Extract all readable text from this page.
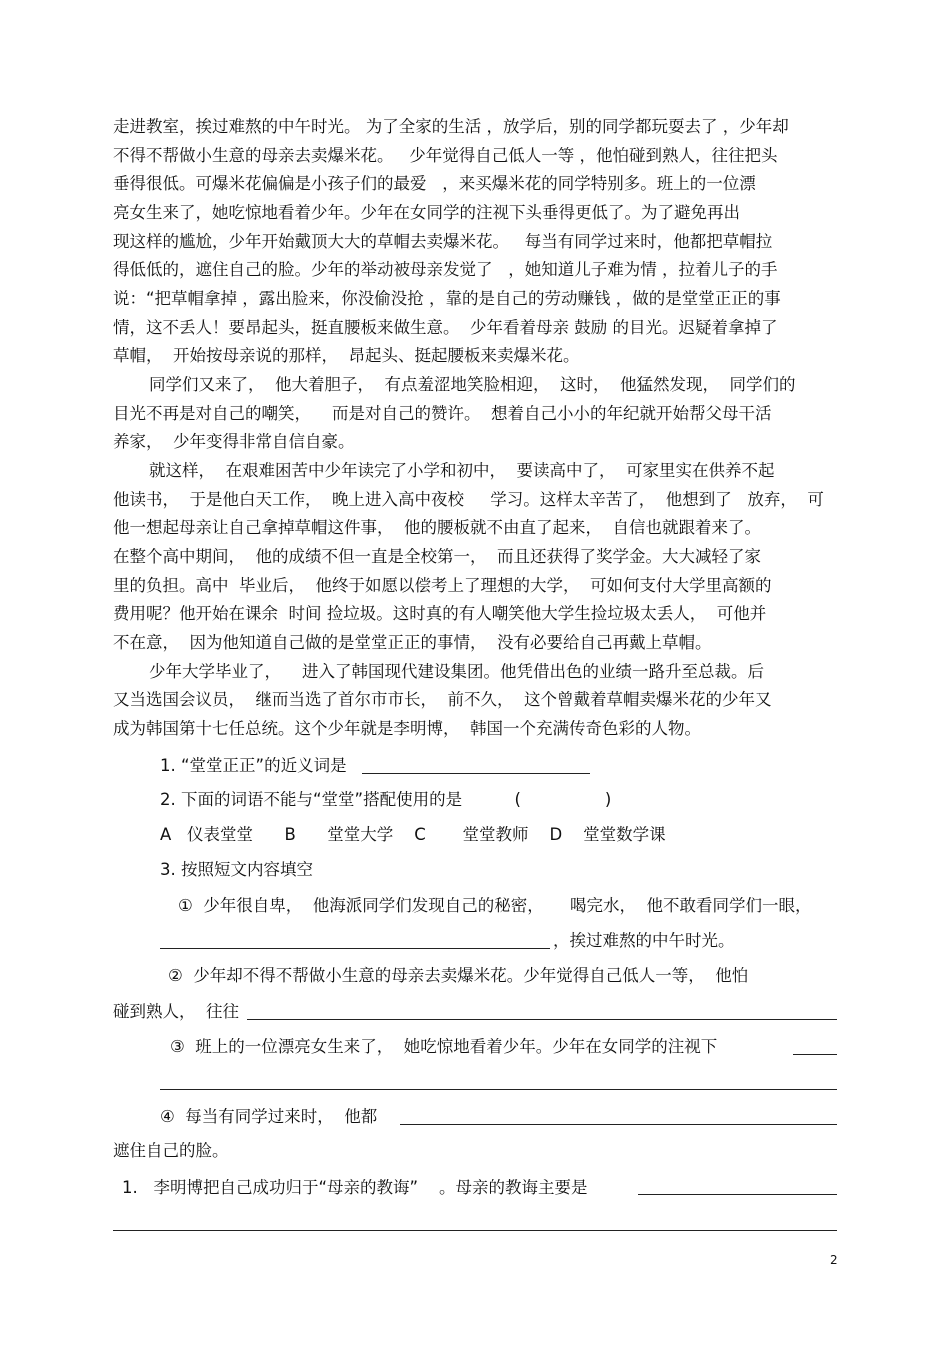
走进教室，挨过难熬的中午时光。 为了全家的生活 ，放学后，别的同学都玩耍去了 ，少年却
不得不帮做小生意的母亲去卖爆米花。   少年觉得自己低人一等 ，他怕碰到熟人，往往把头
垂得很低。可爆米花偏偏是小孩子们的最爱   ，来买爆米花的同学特别多。班上的一位漂
亮女生来了，她吃惊地看着少年。少年在女同学的注视下头垂得更低了。为了避免再出
现这样的尴尬，少年开始戴顶大大的草帽去卖爆米花。   每当有同学过来时，他都把草帽拉
得低低的，遮住自己的脸。少年的举动被母亲发觉了   ，她知道儿子难为情 ，拉着儿子的手
说：“把草帽拿掉 ，露出脸来，你没偷没抢 ，靠的是自己的劳动赚钱 ，做的是堂堂正正的事
情，这不丢人！要昂起头，挺直腰板来做生意。  少年看着母亲 鼓励 的目光。迟疑着拿掉了
草帽，  开始按母亲说的那样，  昂起头、挺起腰板来卖爆米花。
同学们又来了，  他大着胆子，  有点羞涩地笑脸相迎，  这时，  他猛然发现，  同学们的
目光不再是对自己的嘲笑，    而是对自己的赞许。  想着自己小小的年纪就开始帮父母干活
养家，  少年变得非常自信自豪。
就这样，  在艰难困苦中少年读完了小学和初中，  要读高中了，  可家里实在供养不起
他读书，  于是他白天工作，  晚上进入高中夜校     学习。这样太辛苦了，  他想到了   放弃，  可
他一想起母亲让自己拿掉草帽这件事，  他的腰板就不由直了起来，  自信也就跟着来了。
在整个高中期间，  他的成绩不但一直是全校第一，  而且还获得了奖学金。大大减轻了家
里的负担。高中  毕业后，  他终于如愿以偿考上了理想的大学，  可如何支付大学里高额的
费用呢？他开始在课余  时间 捡垃圾。这时真的有人嘲笑他大学生捡垃圾太丢人，  可他并
不在意，  因为他知道自己做的是堂堂正正的事情，  没有必要给自己再戴上草帽。
少年大学毕业了，    进入了韩国现代建设集团。他凭借出色的业绩一路升至总裁。后
又当选国会议员，  继而当选了首尔市市长，  前不久，  这个曾戴着草帽卖爆米花的少年又
成为韩国第十七任总统。这个少年就是李明博，  韩国一个充满传奇色彩的人物。
1. “堂堂正正”的近义词是
2. 下面的词语不能与“堂堂”搭配使用的是          (                )
A   仪表堂堂      B      堂堂大学    C       堂堂教师    D    堂堂数学课
3. 按照短文内容填空
①  少年很自卑，  他海派同学们发现自己的秘密，     喝完水，  他不敢看同学们一眼，
，挨过难熬的中午时光。
②  少年却不得不帮做小生意的母亲去卖爆米花。少年觉得自己低人一等，  他怕
碰到熟人，  往往
③  班上的一位漂亮女生来了，  她吃惊地看着少年。少年在女同学的注视下
④  每当有同学过来时，  他都
遮住自己的脸。
1.   李明博把自己成功归于“母亲的教诲”    。母亲的教诲主要是
2
